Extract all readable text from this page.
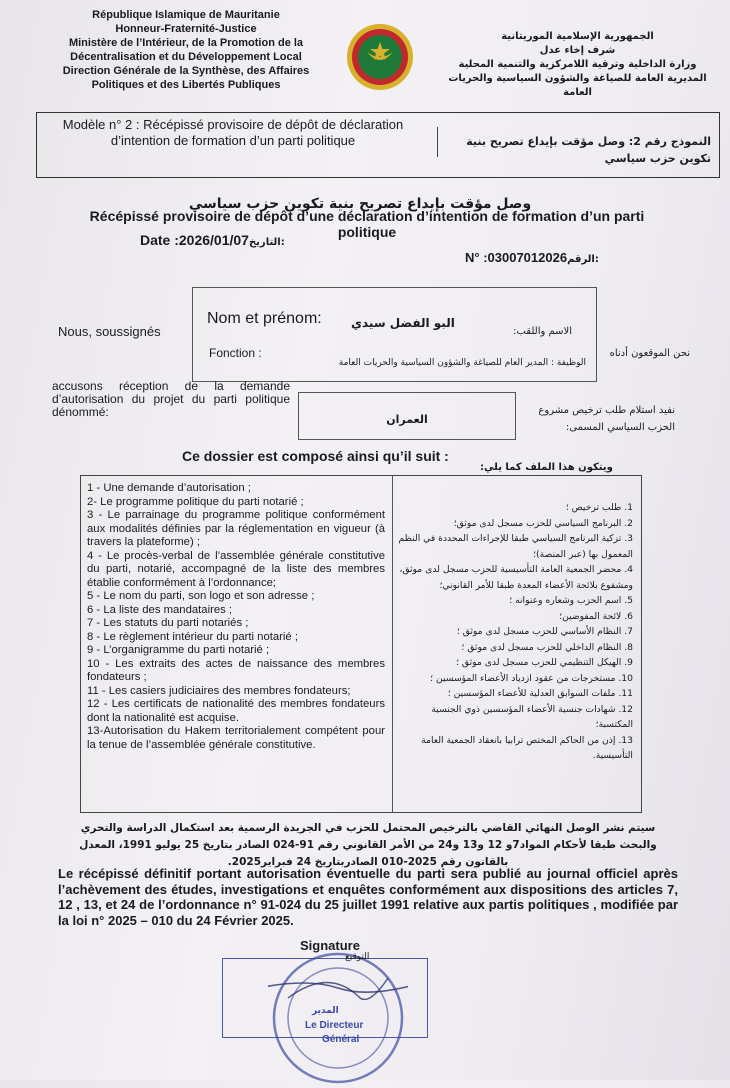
République Islamique de Mauritanie
Honneur-Fraternité-Justice
Ministère de l’Intérieur, de la Promotion de la
Décentralisation et du Développement Local
Direction Générale de la Synthèse, des Affaires
Politiques et des Libertés Publiques
الجمهورية الإسلامية الموريتانية
شرف إخاء عدل
وزارة الداخلية وترقية اللامركزية والتنمية المحلية
المديرية العامة للصياغة والشؤون السياسية والحريات
العامة
Modèle n° 2 : Récépissé provisoire de dépôt de déclaration d’intention de formation d’un parti politique	النموذج رقم 2: وصل مؤقت بإيداع تصريح بنية تكوين حزب سياسي
وصل مؤقت بإيداع تصريح بنية تكوين حزب سياسي
Récépissé provisoire de dépôt d’une déclaration d’intention de formation d’un parti politique
Date :2026/01/07التاريخ:
N° :03007012026الرقم:
Nous, soussignés
نحن الموقعون أدناه
Nom et prénom: البو الفضل سيدي
الاسم واللقب:
Fonction :
الوظيفة : المدير العام للصياغة والشؤون السياسية والحريات العامة
accusons réception de la demande d’autorisation du projet du parti politique dénommé:
العمران
نفيد استلام طلب ترخيص مشروع الحزب السياسي المسمى:
Ce dossier est composé ainsi qu’il suit :
ويتكون هذا الملف كما يلي:
1 - Une demande d’autorisation ;
2- Le programme politique du parti notarié ;
3 - Le parrainage du programme politique conformément aux modalités définies par la réglementation en vigueur (à travers la plateforme) ;
4 - Le procès-verbal de l’assemblée générale constitutive du parti, notarié, accompagné de la liste des membres établie conformément à l’ordonnance;
5 - Le nom du parti, son logo et son adresse ;
6 - La liste des mandataires ;
7 - Les statuts du parti notariés ;
8 - Le règlement intérieur du parti notarié ;
9 - L’organigramme du parti notarié ;
10 - Les extraits des actes de naissance des membres fondateurs ;
11 - Les casiers judiciaires des membres fondateurs;
12 - Les certificats de nationalité des membres fondateurs dont la nationalité est acquise.
13-Autorisation du Hakem territorialement compétent pour la tenue de l’assemblée générale constitutive.
1. طلب ترخيص ؛
2. البرنامج السياسي للحزب مسجل لدى موثق؛
3. تزكية البرنامج السياسي طبقا للإجراءات المحددة في النظم المعمول بها (عبر المنصة)؛
4. محضر الجمعية العامة التأسيسية للحزب مسجل لدى موثق، ومشفوع بلائحة الأعضاء المعدة طبقا للأمر القانوني؛
5. اسم الحزب وشعاره وعنوانه ؛
6. لائحة المفوضين؛
7. النظام الأساسي للحزب مسجل لدى موثق ؛
8. النظام الداخلي للحزب مسجل لدى موثق ؛
9. الهيكل التنظيمي للحزب مسجل لدى موثق ؛
10. مستخرجات من عقود ازدياد الأعضاء المؤسسين ؛
11. ملفات السوابق العدلية للأعضاء المؤسسين ؛
12. شهادات جنسية الأعضاء المؤسسين ذوي الجنسية المكتسبة؛
13. إذن من الحاكم المختص ترابيا بانعقاد الجمعية العامة التأسيسية.
سيتم نشر الوصل النهائي القاضي بالترخيص المحتمل للحزب في الجريدة الرسمية بعد استكمال الدراسة والتحري والبحث طبقا لأحكام المواد7و 12 و13 و24 من الأمر القانوني رقم 91-024 الصادر بتاريخ 25 يوليو 1991، المعدل بالقانون رقم 2025-010 الصادربتاريخ 24 فبراير2025.
Le récépissé définitif portant autorisation éventuelle du parti sera publié au journal officiel après l’achèvement des études, investigations et enquêtes conformément aux dispositions des articles 7, 12 , 13, et 24 de l’ordonnance n° 91-024 du 25 juillet 1991 relative aux partis politiques , modifiée par la loi n° 2025 – 010 du 24 Février 2025.
Signature
التوقيع
المدير
Le Directeur
Général
